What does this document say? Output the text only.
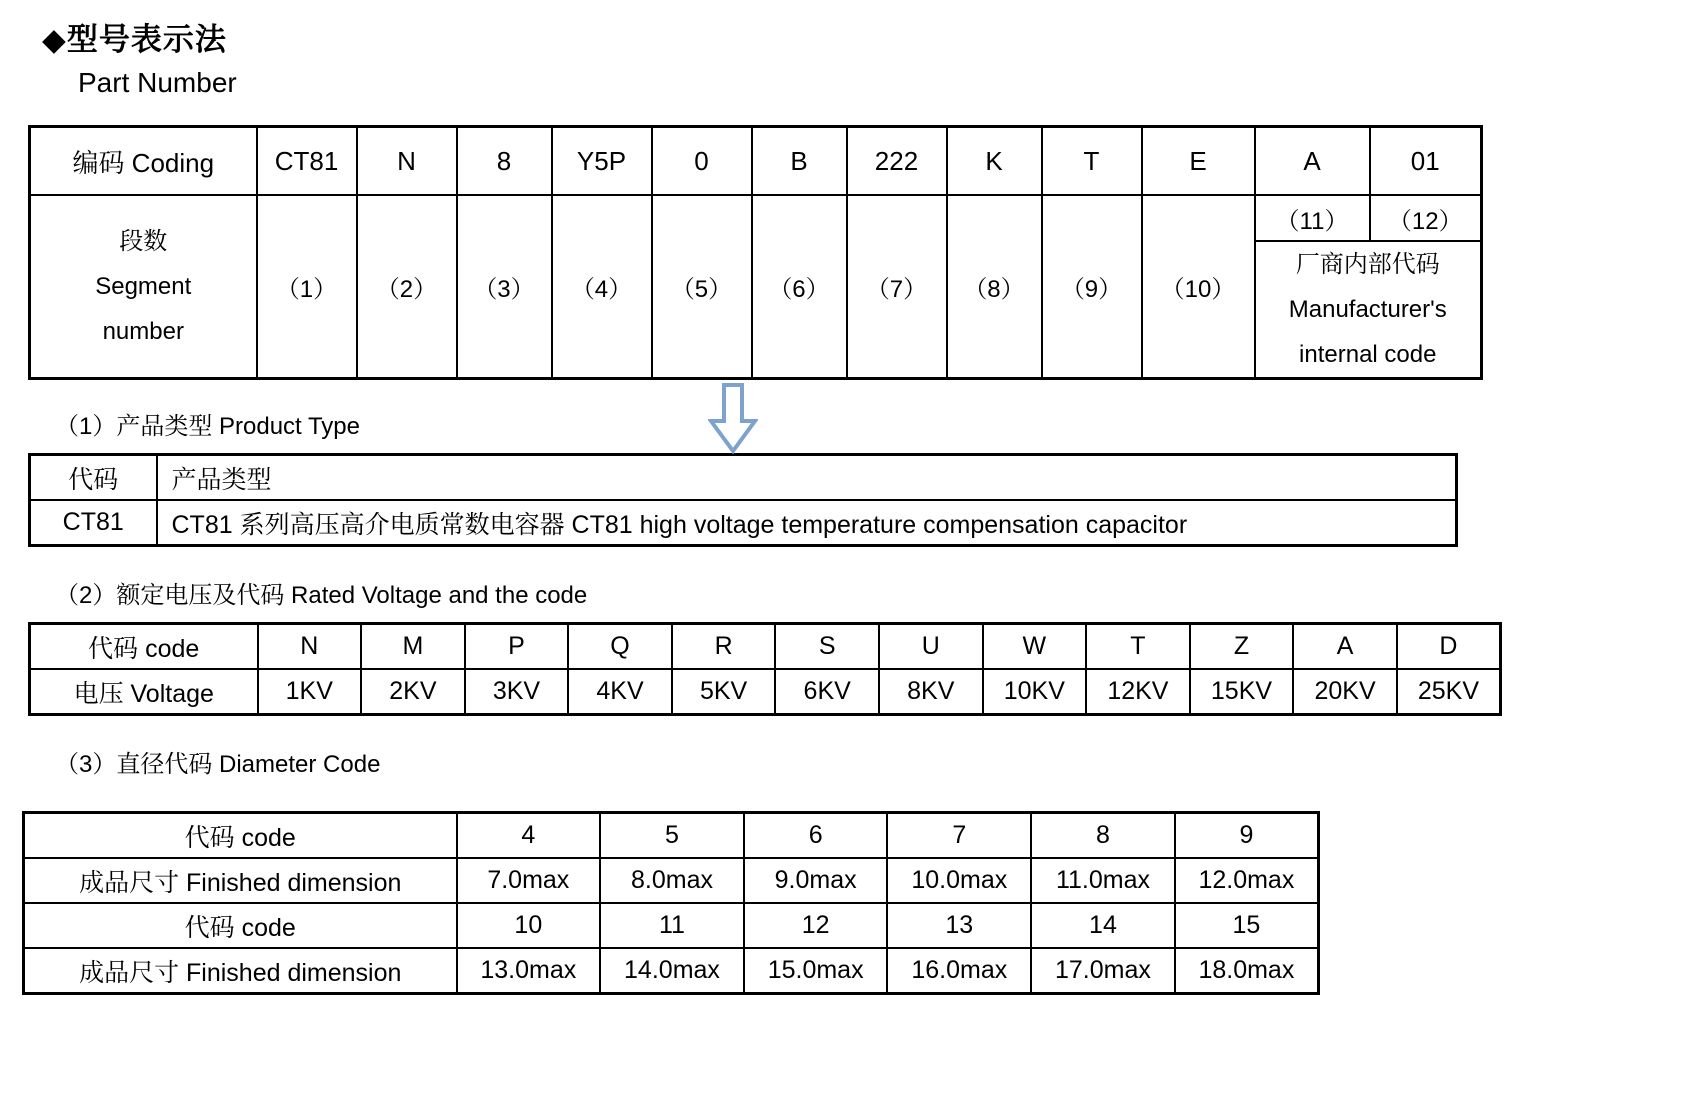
◆型号表示法
Part Number
编码 Coding	CT81	N	8	Y5P	0	B	222	K	T	E	A	01

段数
Segment
number	（1）	（2）	（3）	（4）	（5）	（6）	（7）	（8）	（9）	（10）	（11）	（12）

											厂商内部代码
Manufacturer's
internal code	
（1）产品类型 Product Type
代码	产品类型
CT81	CT81 系列高压高介电质常数电容器 CT81 high voltage temperature compensation capacitor
（2）额定电压及代码 Rated Voltage and the code
代码 code	N	M	P	Q	R	S	U	W	T	Z	A	D
电压 Voltage	1KV	2KV	3KV	4KV	5KV	6KV	8KV	10KV	12KV	15KV	20KV	25KV
（3）直径代码 Diameter Code
代码 code	4	5	6	7	8	9
成品尺寸 Finished dimension	7.0max	8.0max	9.0max	10.0max	11.0max	12.0max
代码 code	10	11	12	13	14	15
成品尺寸 Finished dimension	13.0max	14.0max	15.0max	16.0max	17.0max	18.0max
